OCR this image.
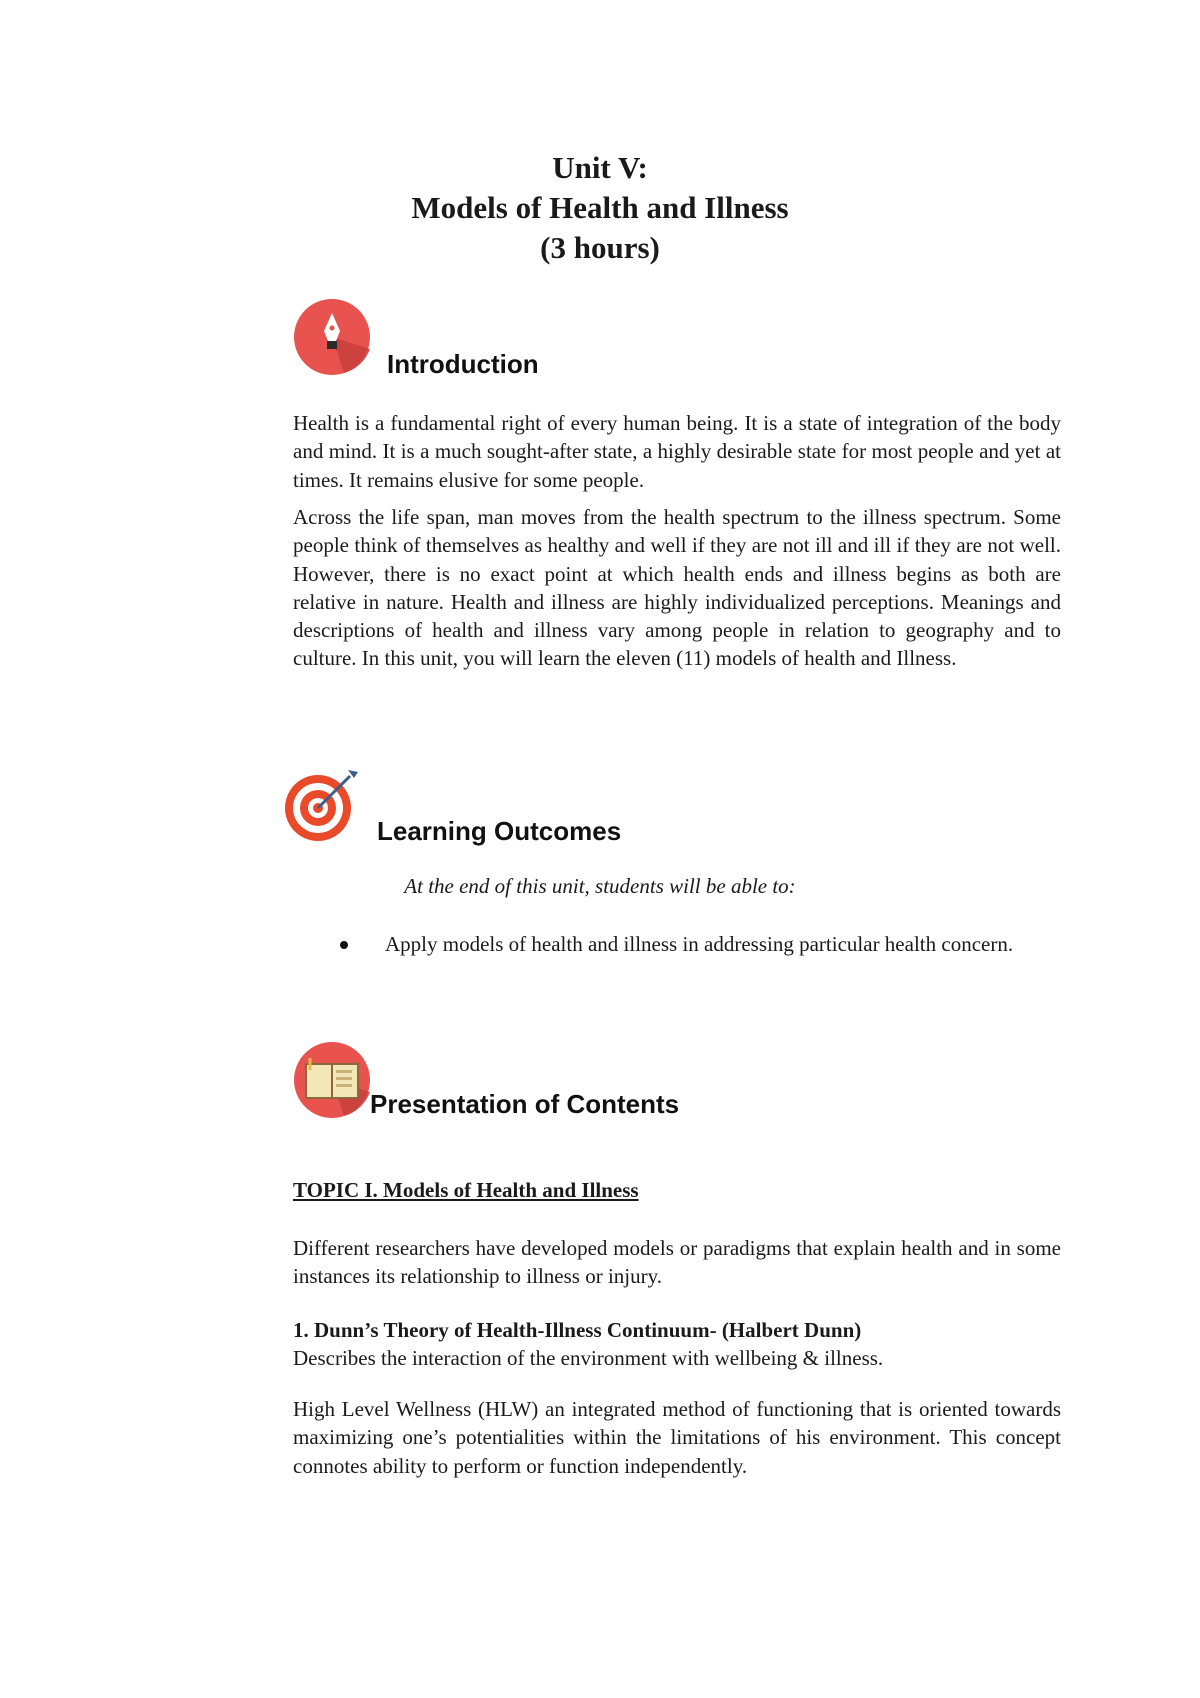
Unit V:
Models of Health and Illness
(3 hours)
Introduction

Health is a fundamental right of every human being. It is a state of integration of the body and mind. It is a much sought-after state, a highly desirable state for most people and yet at times. It remains elusive for some people.

Across the life span, man moves from the health spectrum to the illness spectrum. Some people think of themselves as healthy and well if they are not ill and ill if they are not well. However, there is no exact point at which health ends and illness begins as both are relative in nature. Health and illness are highly individualized perceptions. Meanings and descriptions of health and illness vary among people in relation to geography and to culture. In this unit, you will learn the eleven (11) models of health and Illness.

Learning Outcomes
At the end of this unit, students will be able to:
Apply models of health and illness in addressing particular health concern.
Presentation of Contents
TOPIC I. Models of Health and Illness

Different researchers have developed models or paradigms that explain health and in some instances its relationship to illness or injury.

1. Dunn’s Theory of Health-Illness Continuum- (Halbert Dunn)
Describes the interaction of the environment with wellbeing & illness.

High Level Wellness (HLW) an integrated method of functioning that is oriented towards maximizing one’s potentialities within the limitations of his environment. This concept connotes ability to perform or function independently.
